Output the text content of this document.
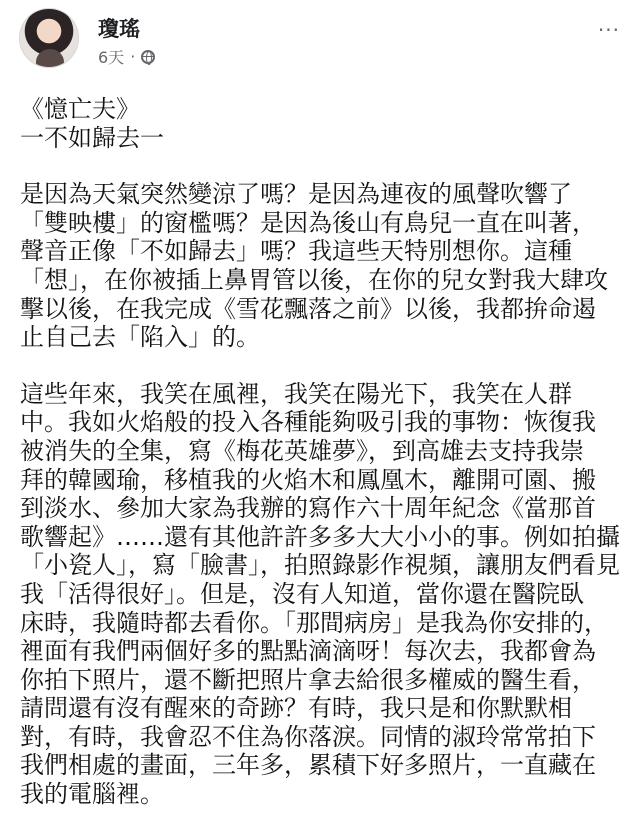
瓊瑤
6天 ·
···
《憶亡夫》
一不如歸去一
是因為天氣突然變涼了嗎？是因為連夜的風聲吹響了
「雙映樓」的窗檻嗎？是因為後山有鳥兒一直在叫著，
聲音正像「不如歸去」嗎？我這些天特別想你。這種
「想」，在你被插上鼻胃管以後，在你的兒女對我大肆攻
擊以後，在我完成《雪花飄落之前》以後，我都拚命遏
止自己去「陷入」的。
這些年來，我笑在風裡，我笑在陽光下，我笑在人群
中。我如火焰般的投入各種能夠吸引我的事物：恢復我
被消失的全集，寫《梅花英雄夢》，到高雄去支持我崇
拜的韓國瑜，移植我的火焰木和鳳凰木，離開可園、搬
到淡水、參加大家為我辦的寫作六十周年紀念《當那首
歌響起》……還有其他許許多多大大小小的事。例如拍攝
「小瓷人」，寫「臉書」，拍照錄影作視頻，讓朋友們看見
我「活得很好」。但是，沒有人知道，當你還在醫院臥
床時，我隨時都去看你。「那間病房」是我為你安排的，
裡面有我們兩個好多的點點滴滴呀！每次去，我都會為
你拍下照片，還不斷把照片拿去給很多權威的醫生看，
請問還有沒有醒來的奇跡？有時，我只是和你默默相
對，有時，我會忍不住為你落淚。同情的淑玲常常拍下
我們相處的畫面，三年多，累積下好多照片，一直藏在
我的電腦裡。
